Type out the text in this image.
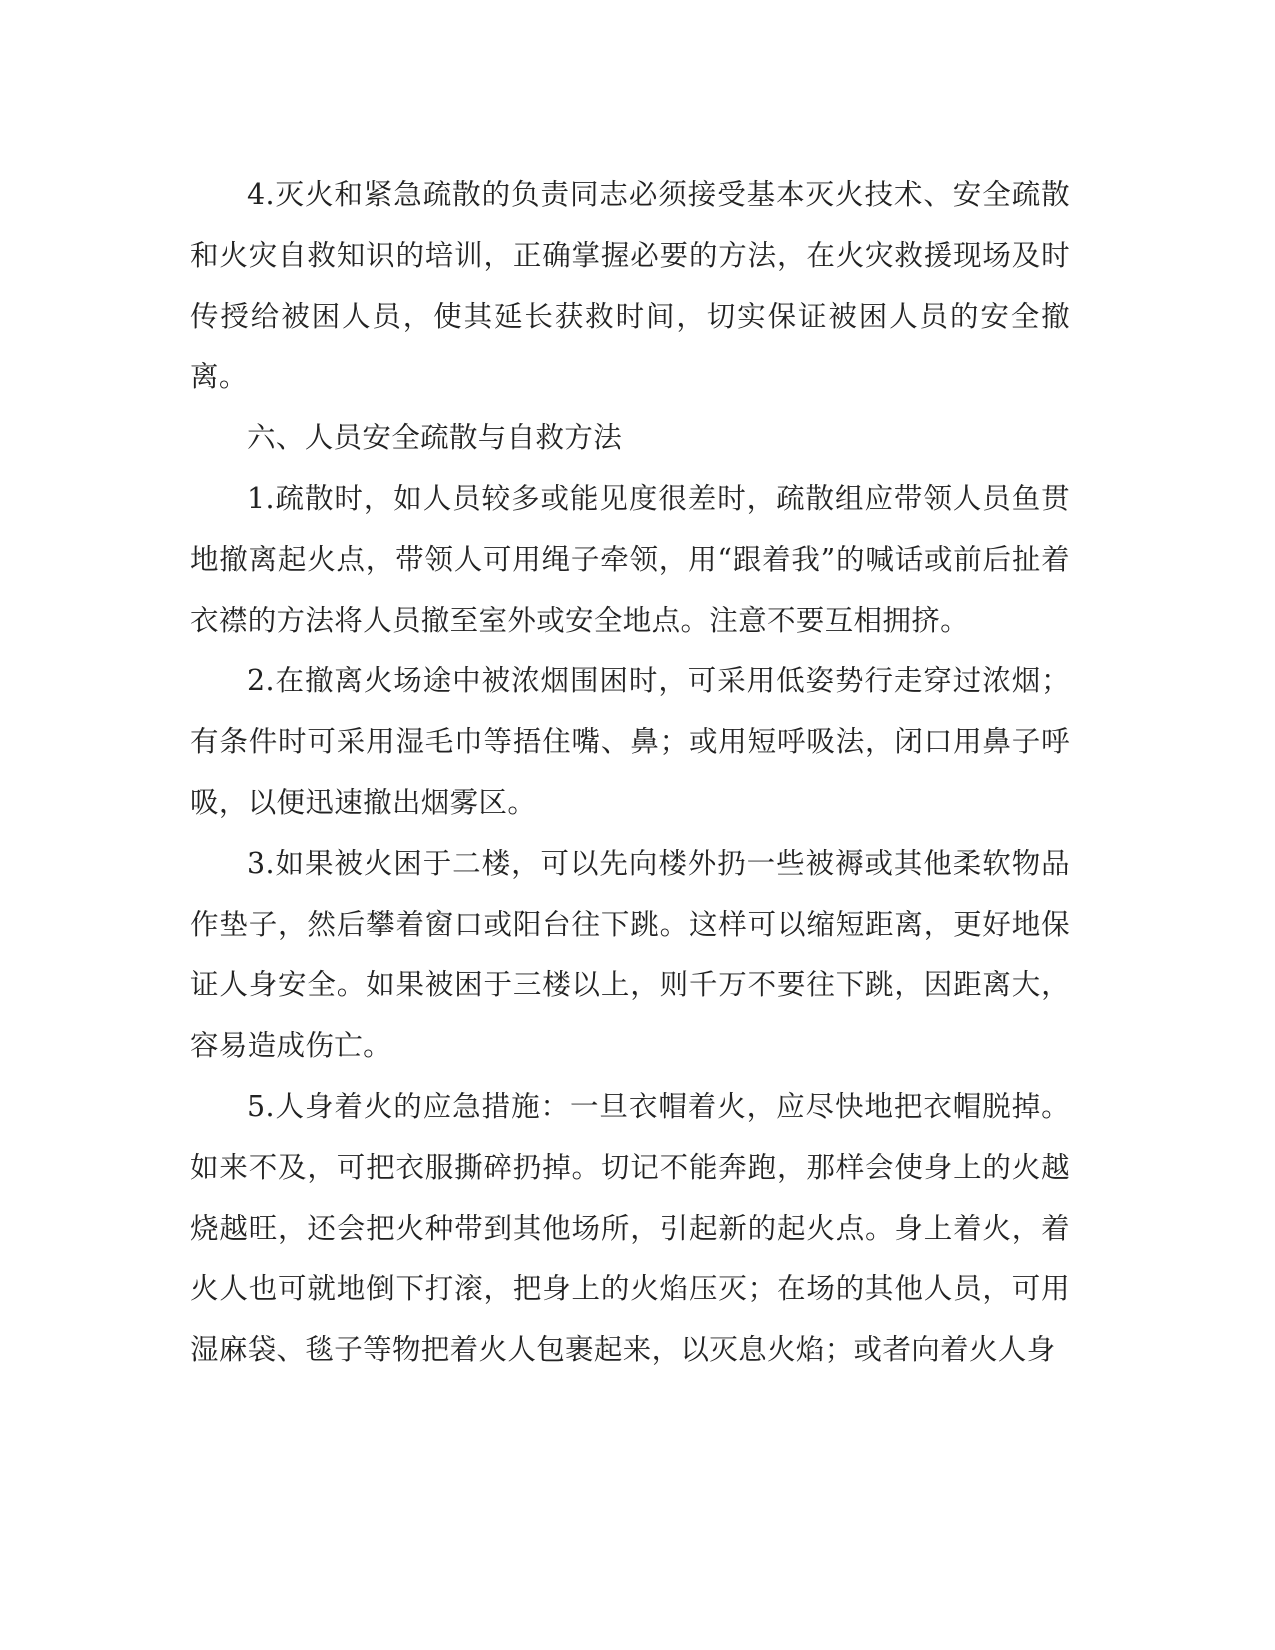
4.灭火和紧急疏散的负责同志必须接受基本灭火技术、安全疏散和火灾自救知识的培训，正确掌握必要的方法，在火灾救援现场及时传授给被困人员，使其延长获救时间，切实保证被困人员的安全撤离。

六、人员安全疏散与自救方法

1.疏散时，如人员较多或能见度很差时，疏散组应带领人员鱼贯地撤离起火点，带领人可用绳子牵领，用“跟着我”的喊话或前后扯着衣襟的方法将人员撤至室外或安全地点。注意不要互相拥挤。

2.在撤离火场途中被浓烟围困时，可采用低姿势行走穿过浓烟；有条件时可采用湿毛巾等捂住嘴、鼻；或用短呼吸法，闭口用鼻子呼吸，以便迅速撤出烟雾区。

3.如果被火困于二楼，可以先向楼外扔一些被褥或其他柔软物品作垫子，然后攀着窗口或阳台往下跳。这样可以缩短距离，更好地保证人身安全。如果被困于三楼以上，则千万不要往下跳，因距离大，容易造成伤亡。

5.人身着火的应急措施：一旦衣帽着火，应尽快地把衣帽脱掉。如来不及，可把衣服撕碎扔掉。切记不能奔跑，那样会使身上的火越烧越旺，还会把火种带到其他场所，引起新的起火点。身上着火，着火人也可就地倒下打滚，把身上的火焰压灭；在场的其他人员，可用湿麻袋、毯子等物把着火人包裹起来，以灭息火焰；或者向着火人身
